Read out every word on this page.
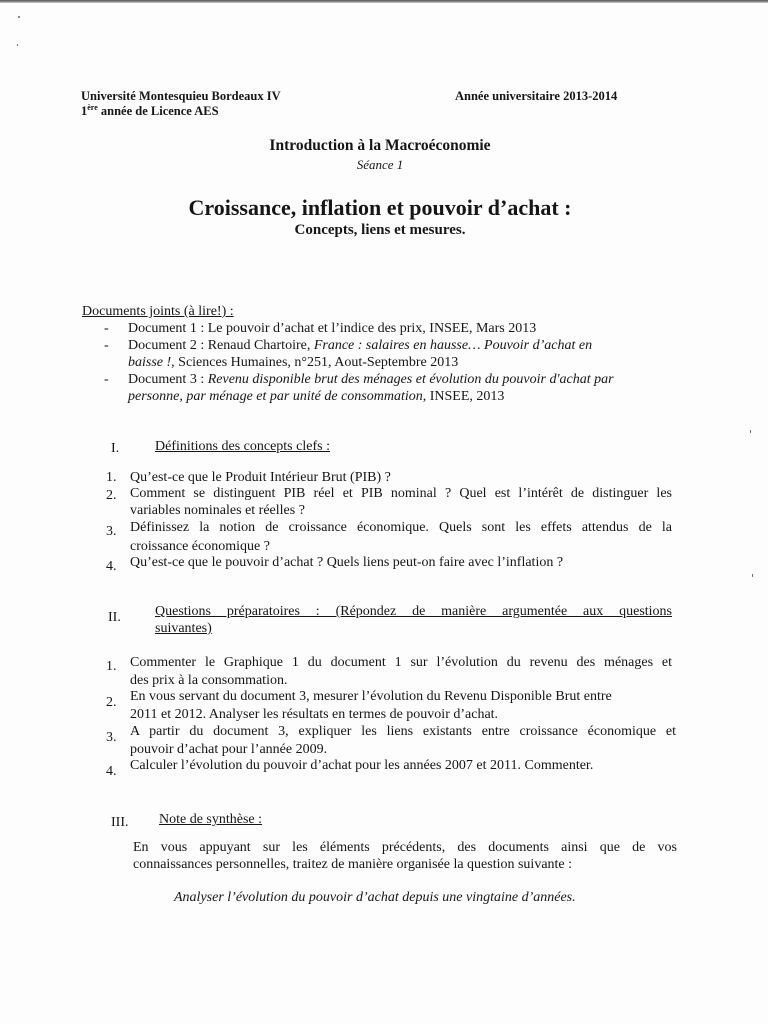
Université Montesquieu Bordeaux IV
1ère année de Licence AES
Année universitaire 2013-2014
Introduction à la Macroéconomie
Séance 1
Croissance, inflation et pouvoir d’achat :
Concepts, liens et mesures.
Documents joints (à lire!) :
- Document 1 : Le pouvoir d’achat et l’indice des prix, INSEE, Mars 2013
- Document 2 : Renaud Chartoire, France : salaires en hausse… Pouvoir d’achat en
baisse !, Sciences Humaines, n°251, Aout-Septembre 2013
- Document 3 : Revenu disponible brut des ménages et évolution du pouvoir d'achat par
personne, par ménage et par unité de consommation, INSEE, 2013
I.	Définitions des concepts clefs :
1. Qu’est-ce que le Produit Intérieur Brut (PIB) ?
2. Comment se distinguent PIB réel et PIB nominal ? Quel est l’intérêt de distinguer les
variables nominales et réelles ?
3. Définissez la notion de croissance économique. Quels sont les effets attendus de la
croissance économique ?
4. Qu’est-ce que le pouvoir d’achat ? Quels liens peut-on faire avec l’inflation ?
II. Questions préparatoires : (Répondez de manière argumentée aux questions
suivantes)
1. Commenter le Graphique 1 du document 1 sur l’évolution du revenu des ménages et
des prix à la consommation.
2. En vous servant du document 3, mesurer l’évolution du Revenu Disponible Brut entre
2011 et 2012. Analyser les résultats en termes de pouvoir d’achat.
3. A partir du document 3, expliquer les liens existants entre croissance économique et
pouvoir d’achat pour l’année 2009.
4. Calculer l’évolution du pouvoir d’achat pour les années 2007 et 2011. Commenter.
III. Note de synthèse :
En vous appuyant sur les éléments précédents, des documents ainsi que de vos
connaissances personnelles, traitez de manière organisée la question suivante :
Analyser l’évolution du pouvoir d’achat depuis une vingtaine d’années.
